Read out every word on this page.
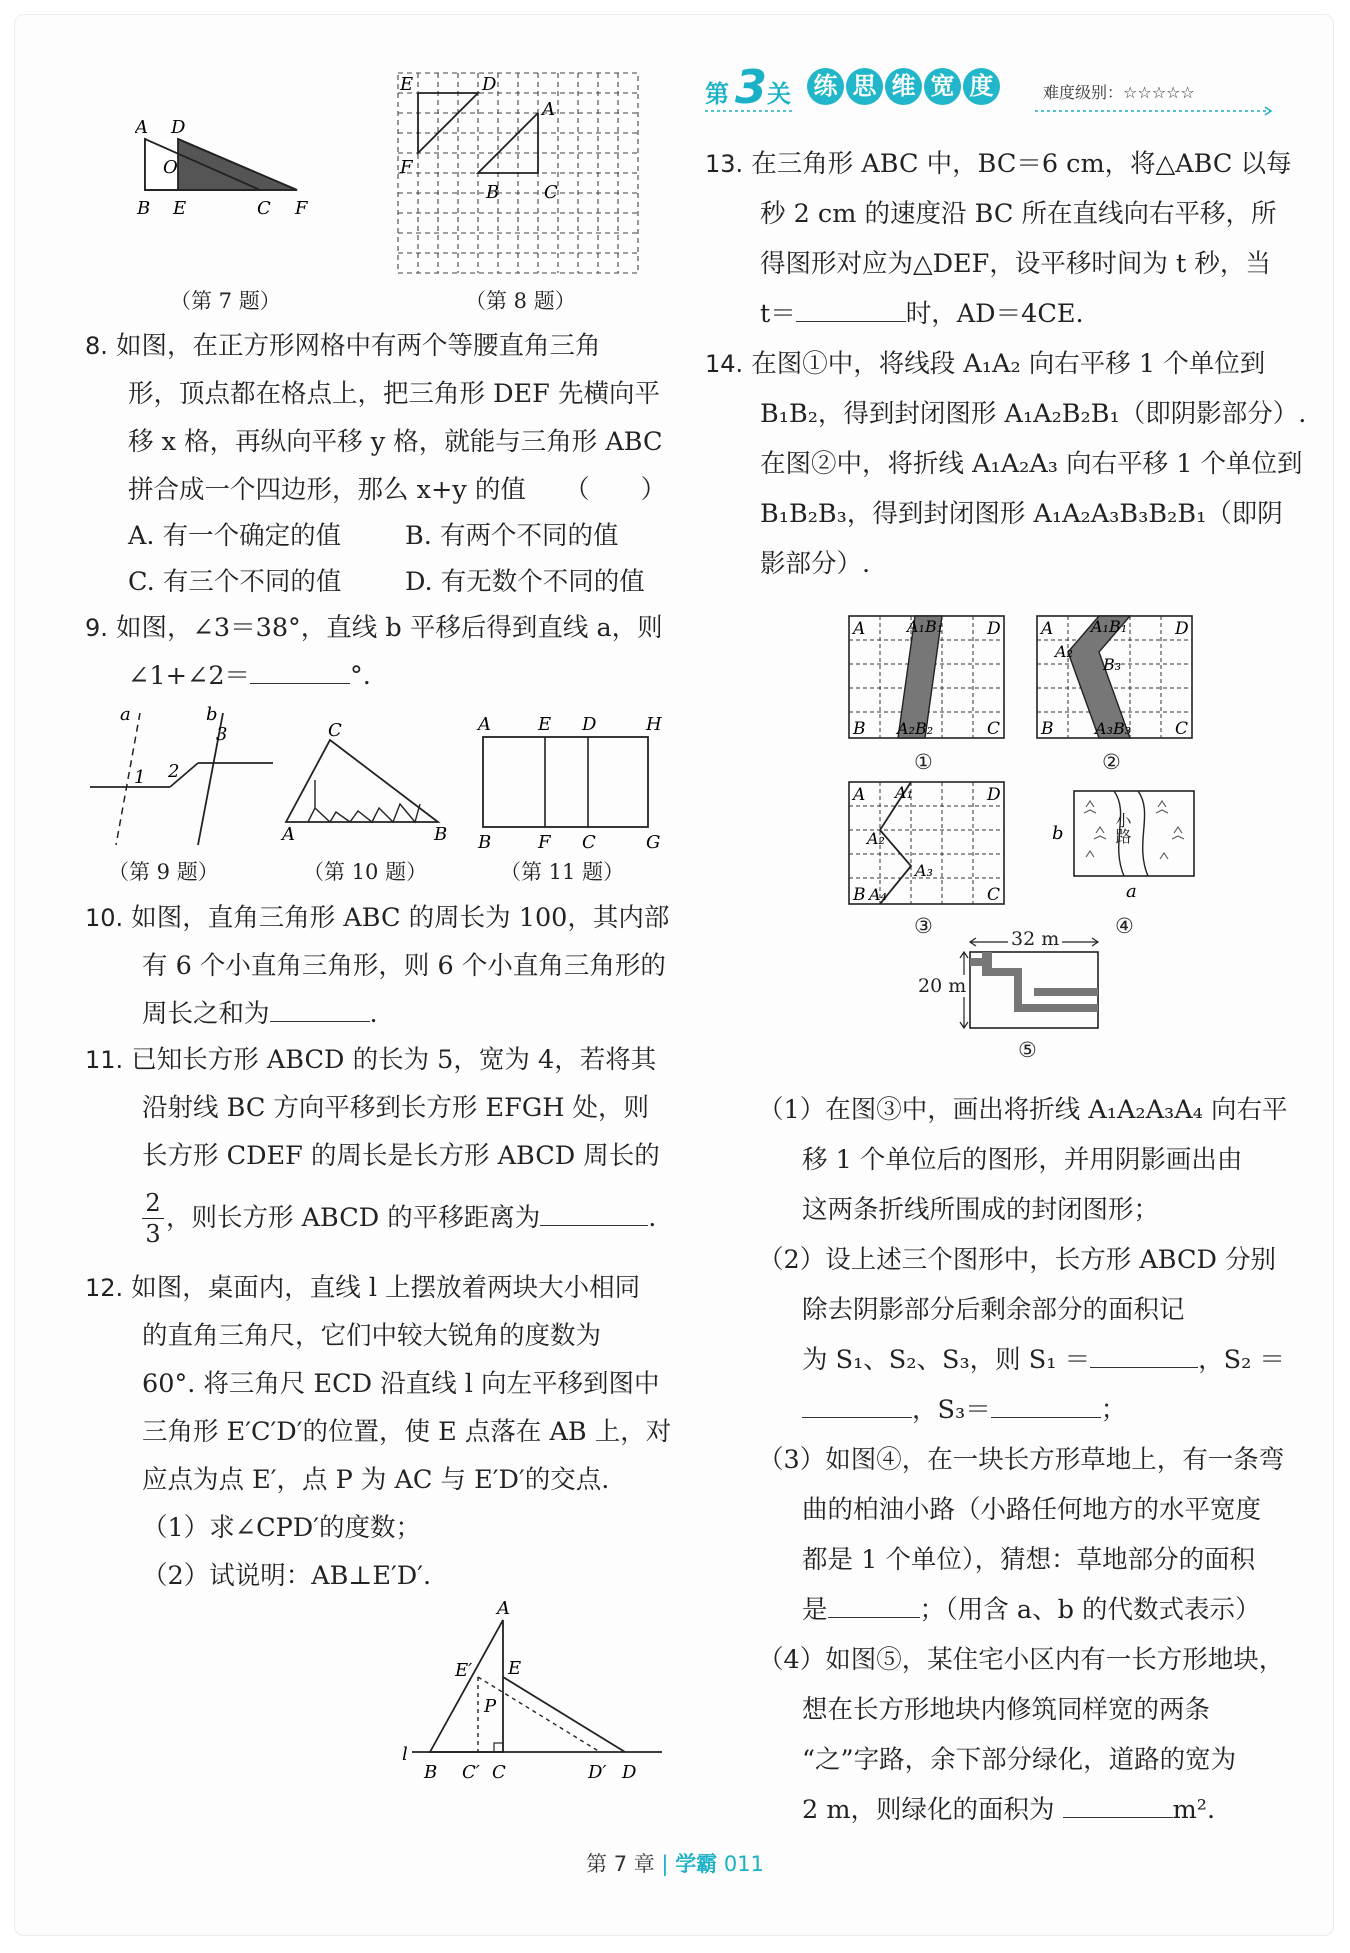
A D
O
B E	C F
（第 7 题）
E	D
A
F
B C
（第 8 题）
8. 如图，在正方形网格中有两个等腰直角三角
形，顶点都在格点上，把三角形 DEF 先横向平
移 x 格，再纵向平移 y 格，就能与三角形 ABC
拼合成一个四边形，那么 x+y 的值　　（　　）
A. 有一个确定的值	B. 有两个不同的值
C. 有三个不同的值 D. 有无数个不同的值
9. 如图，∠3＝38°，直线 b 平移后得到直线 a，则
∠1+∠2＝	°.
a	b
3
1 2
（第 9 题）
C
A	B
（第 10 题）
A	E D	H
B	F C	G
（第 11 题）
10. 如图，直角三角形 ABC 的周长为 100，其内部
有 6 个小直角三角形，则 6 个小直角三角形的
周长之和为	.
11. 已知长方形 ABCD 的长为 5，宽为 4，若将其
沿射线 BC 方向平移到长方形 EFGH 处，则
长方形 CDEF 的周长是长方形 ABCD 周长的
$\frac{2}{3}$ ，则长方形 ABCD 的平移距离为	.
12. 如图，桌面内，直线 l 上摆放着两块大小相同
的直角三角尺，它们中较大锐角的度数为
60°. 将三角尺 ECD 沿直线 l 向左平移到图中
三角形 E′C′D′的位置，使 E 点落在 AB 上，对
应点为点 E′，点 P 为 AC 与 E′D′的交点.
（1）求∠CPD′的度数；
（2）试说明：AB⊥E′D′.
A
E′ E
P
l
B C′ C	D′ D
第 3 关 练 思 维 宽 度	难度级别：☆☆☆☆☆
13. 在三角形 ABC 中，BC＝6 cm，将△ABC 以每
秒 2 cm 的速度沿 BC 所在直线向右平移，所
得图形对应为△DEF，设平移时间为 t 秒，当
t＝	时，AD＝4CE.
14. 在图①中，将线段 A₁A₂ 向右平移 1 个单位到
B₁B₂，得到封闭图形 A₁A₂B₂B₁（即阴影部分）.
在图②中，将折线 A₁A₂A₃ 向右平移 1 个单位到
B₁B₂B₃，得到封闭图形 A₁A₂A₃B₃B₂B₁（即阴
影部分）.
A	A₁B₁	D
B A₂B₂	C
①
A A₁B₁	D
A₂
B₃
B	A₃B₃	C
②
A A₁	D
A₂
A₃
B A₄	C
③
b
a
小路
④
32 m
20 m
⑤
（1）在图③中，画出将折线 A₁A₂A₃A₄ 向右平
移 1 个单位后的图形，并用阴影画出由
这两条折线所围成的封闭图形；
（2）设上述三个图形中，长方形 ABCD 分别
除去阴影部分后剩余部分的面积记
为 S₁、S₂、S₃，则 S₁ ＝	，S₂ ＝
，S₃＝	；
（3）如图④，在一块长方形草地上，有一条弯
曲的柏油小路（小路任何地方的水平宽度
都是 1 个单位），猜想：草地部分的面积
是	；（用含 a、b 的代数式表示）
（4）如图⑤，某住宅小区内有一长方形地块，
想在长方形地块内修筑同样宽的两条
“之”字路，余下部分绿化，道路的宽为
2 m，则绿化的面积为	m².
第 7 章 | 学霸 011
